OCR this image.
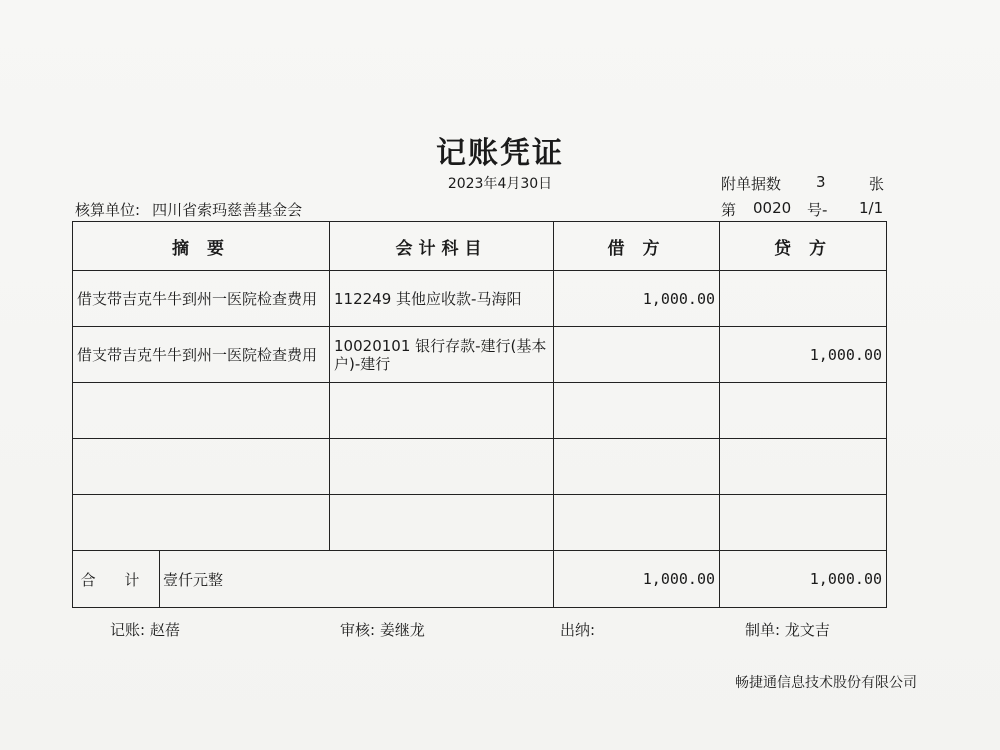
记账凭证
2023年4月30日
核算单位: 四川省索玛慈善基金会
附单据数 3	张
第 0020 号- 1/1
摘 要		会计科目	借 方	贷 方
借支带吉克牛牛到州一医院检查费用		112249 其他应收款-马海阳	1,000.00	
借支带吉克牛牛到州一医院检查费用		10020101 银行存款-建行(基本户)-建行		1,000.00

合 计	壹仟元整		1,000.00	1,000.00
记账: 赵蓓	审核: 姜继龙	出纳:	制单: 龙文吉
畅捷通信息技术股份有限公司
